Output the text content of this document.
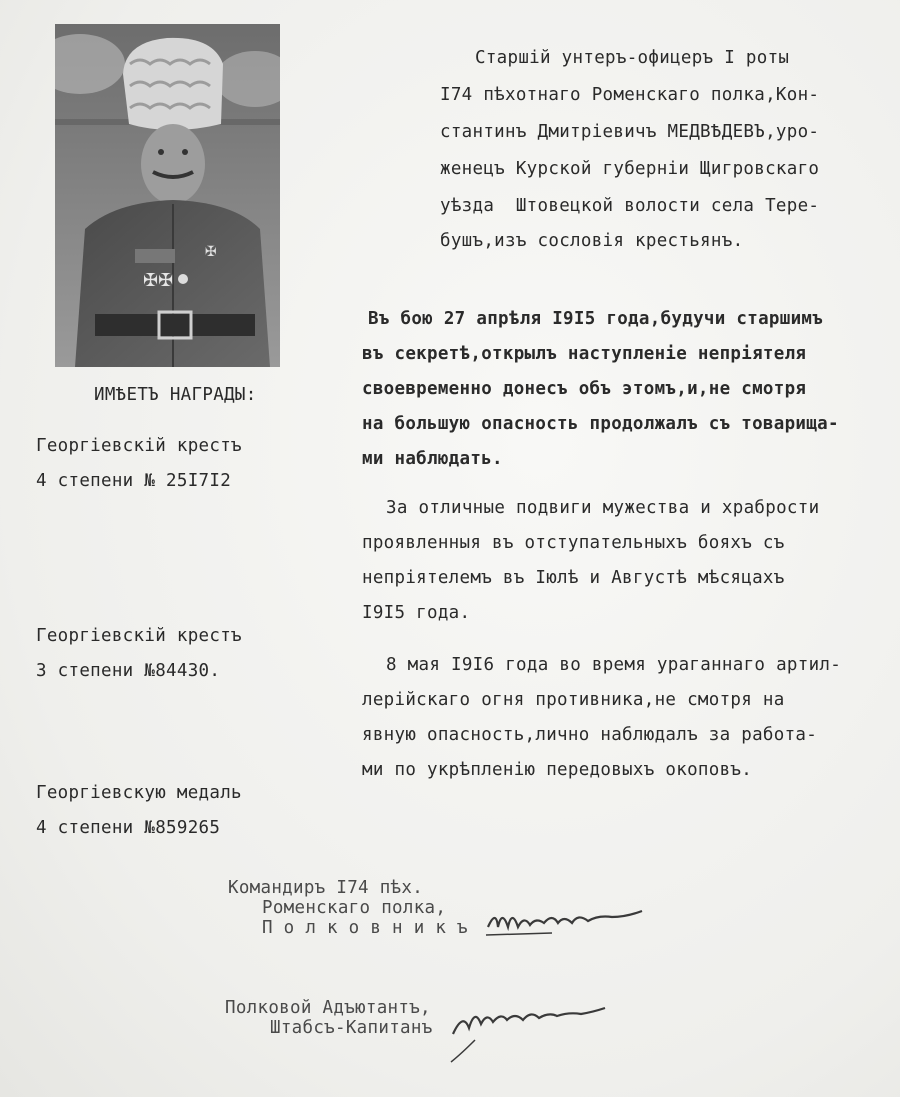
✠✠
✠
Старшiй унтеръ-офицеръ I роты
I74 пѣхотнаго Роменскаго полка,Кон-
стантинъ Дмитрiевичъ МЕДВѢДЕВЪ,уро-
женецъ Курской губернiи Щигровскаго
уѣзда  Штовецкой волости села Тере-
бушъ,изъ сословiя крестьянъ.
ИМѢЕТЪ НАГРАДЫ:
Въ бою 27 апрѣля I9I5 года,будучи старшимъ
въ секретѣ,открылъ наступленiе непрiятеля
своевременно донесъ объ этомъ,и,не смотря
на большую опасность продолжалъ съ товарища-
ми наблюдать.
Георгiевскiй крестъ
4 степени № 25I7I2
За отличные подвиги мужества и храбрости
проявленныя въ отступательныхъ бояхъ съ
непрiятелемъ въ Iюлѣ и Августѣ мѣсяцахъ
I9I5 года.
Георгiевскiй крестъ
3 степени №84430.	8 мая I9I6 года во время ураганнаго артил-
лерiйскаго огня противника,не смотря на
явную опасность,лично наблюдалъ за работа-
ми по укрѣпленiю передовыхъ окоповъ.
Георгiевскую медаль
4 степени №859265
Командиръ I74 пѣх.
Роменскаго полка,
П о л к о в н и к ъ
Полковой Адъютантъ,
Штабсъ-Капитанъ
